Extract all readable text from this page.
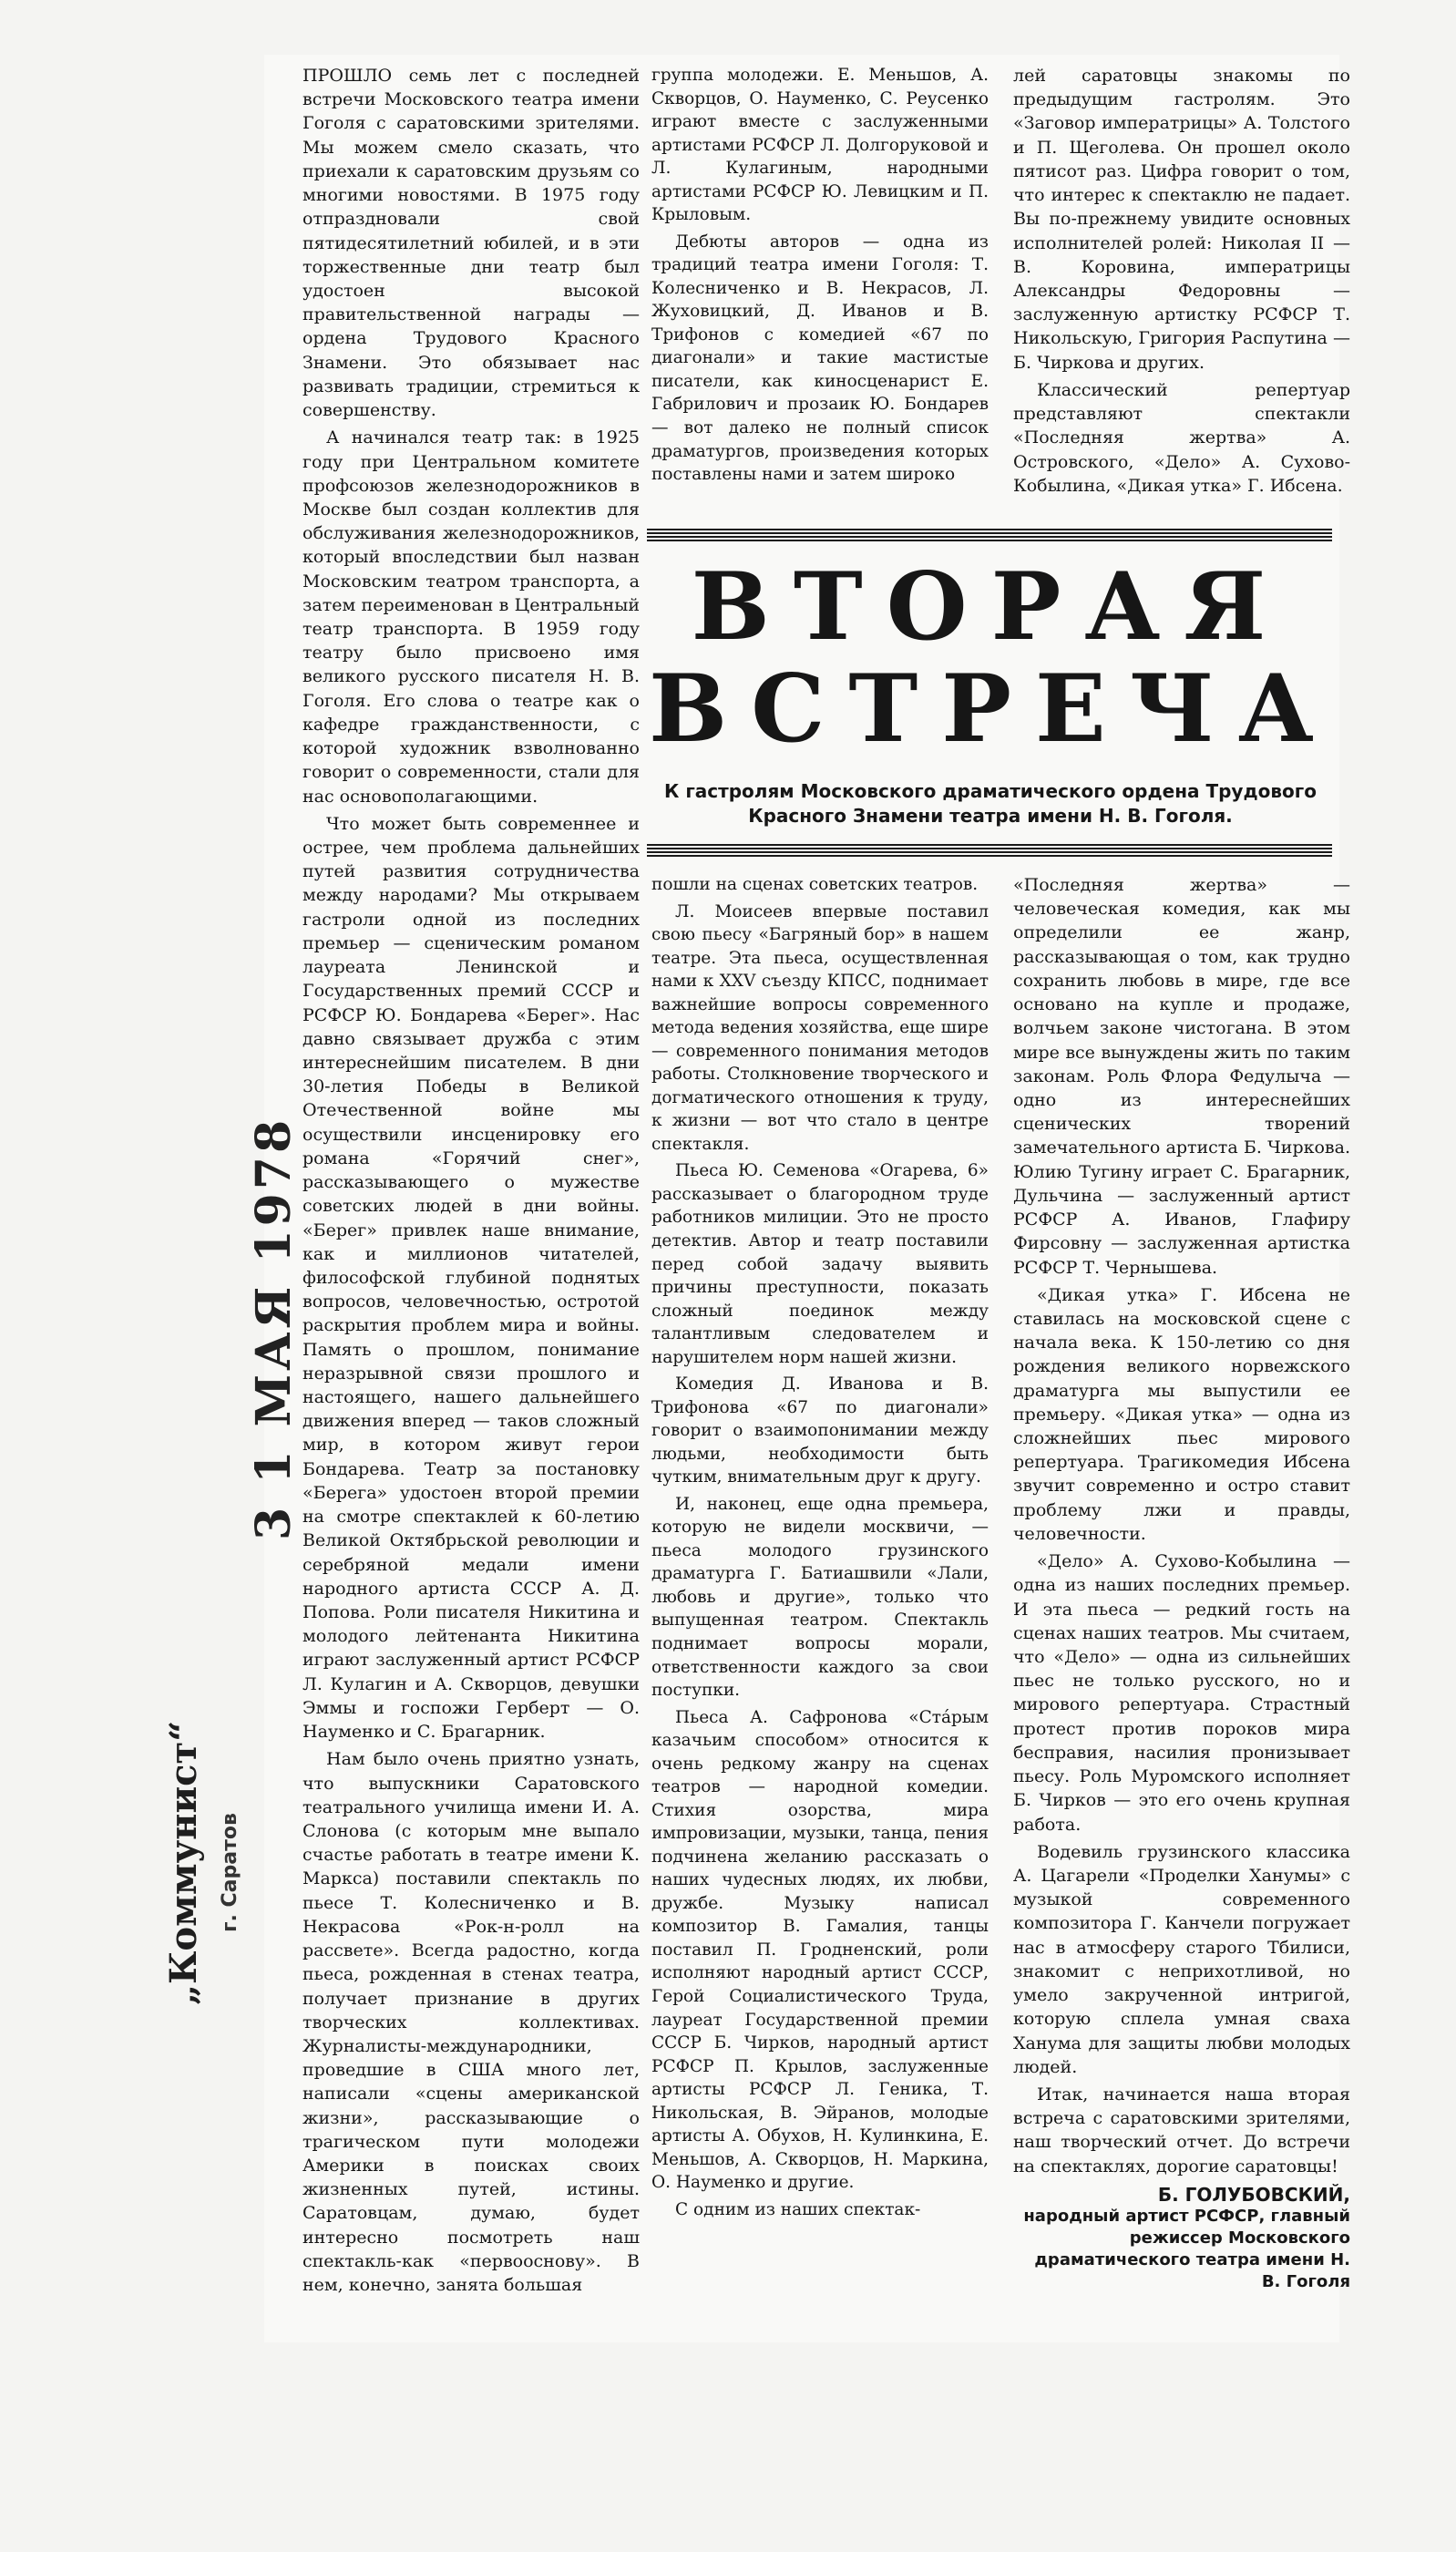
ПРОШЛО семь лет с последней встречи Московского театра имени Гоголя с саратовскими зрителями. Мы можем смело сказать, что приехали к саратовским друзьям со многими новостями. В 1975 году отпраздновали свой пятидесятилетний юбилей, и в эти торжественные дни театр был удостоен высокой правительственной награды — ордена Трудового Красного Знамени. Это обязывает нас развивать традиции, стремиться к совершенству.

А начинался театр так: в 1925 году при Центральном комитете профсоюзов железнодорожников в Москве был создан коллектив для обслуживания железнодорожников, который впоследствии был назван Московским театром транспорта, а затем переименован в Центральный театр транспорта. В 1959 году театру было присвоено имя великого русского писателя Н. В. Гоголя. Его слова о театре как о кафедре гражданственности, с которой художник взволнованно говорит о современности, стали для нас основополагающими.

Что может быть современнее и острее, чем проблема дальнейших путей развития сотрудничества между народами? Мы открываем гастроли одной из последних премьер — сценическим романом лауреата Ленинской и Государственных премий СССР и РСФСР Ю. Бондарева «Берег». Нас давно связывает дружба с этим интереснейшим писателем. В дни 30-летия Победы в Великой Отечественной войне мы осуществили инсценировку его романа «Горячий снег», рассказывающего о мужестве советских людей в дни войны. «Берег» привлек наше внимание, как и миллионов читателей, философской глубиной поднятых вопросов, человечностью, остротой раскрытия проблем мира и войны. Память о прошлом, понимание неразрывной связи прошлого и настоящего, нашего дальнейшего движения вперед — таков сложный мир, в котором живут герои Бондарева. Театр за постановку «Берега» удостоен второй премии на смотре спектаклей к 60-летию Великой Октябрьской революции и серебряной медали имени народного артиста СССР А. Д. Попова. Роли писателя Никитина и молодого лейтенанта Никитина играют заслуженный артист РСФСР Л. Кулагин и А. Скворцов, девушки Эммы и госпожи Герберт — О. Науменко и С. Брагарник.

Нам было очень приятно узнать, что выпускники Саратовского театрального училища имени И. А. Слонова (с которым мне выпало счастье работать в театре имени К. Маркса) поставили спектакль по пьесе Т. Колесниченко и В. Некрасова «Рок-н-ролл на рассвете». Всегда радостно, когда пьеса, рожденная в стенах театра, получает признание в других творческих коллективах. Журналисты-международники, проведшие в США много лет, написали «сцены американской жизни», рассказывающие о трагическом пути молодежи Америки в поисках своих жизненных путей, истины. Саратовцам, думаю, будет интересно посмотреть наш спектакль-как «первооснову». В нем, конечно, занята большая

группа молодежи. Е. Меньшов, А. Скворцов, О. Науменко, С. Реусенко играют вместе с заслуженными артистами РСФСР Л. Долгоруковой и Л. Кулагиным, народными артистами РСФСР Ю. Левицким и П. Крыловым.

Дебюты авторов — одна из традиций театра имени Гоголя: Т. Колесниченко и В. Некрасов, Л. Жуховицкий, Д. Иванов и В. Трифонов с комедией «67 по диагонали» и такие мастистые писатели, как киносценарист Е. Габрилович и прозаик Ю. Бондарев — вот далеко не полный список драматургов, произведения которых поставлены нами и затем широко

лей саратовцы знакомы по предыдущим гастролям. Это «Заговор императрицы» А. Толстого и П. Щеголева. Он прошел около пятисот раз. Цифра говорит о том, что интерес к спектаклю не падает. Вы по-прежнему увидите основных исполнителей ролей: Николая II — В. Коровина, императрицы Александры Федоровны — заслуженную артистку РСФСР Т. Никольскую, Григория Распутина — Б. Чиркова и других.

Классический репертуар представляют спектакли «Последняя жертва» А. Островского, «Дело» А. Сухово-Кобылина, «Дикая утка» Г. Ибсена.

ВТОРАЯ
ВСТРЕЧА
К гастролям Московского драматического ордена Трудового Красного Знамени театра имени Н. В. Гоголя.

пошли на сценах советских театров.

Л. Моисеев впервые поставил свою пьесу «Багряный бор» в нашем театре. Эта пьеса, осуществленная нами к XXV съезду КПСС, поднимает важнейшие вопросы современного метода ведения хозяйства, еще шире — современного понимания методов работы. Столкновение творческого и догматического отношения к труду, к жизни — вот что стало в центре спектакля.

Пьеса Ю. Семенова «Огарева, 6» рассказывает о благородном труде работников милиции. Это не просто детектив. Автор и театр поставили перед собой задачу выявить причины преступности, показать сложный поединок между талантливым следователем и нарушителем норм нашей жизни.

Комедия Д. Иванова и В. Трифонова «67 по диагонали» говорит о взаимопонимании между людьми, необходимости быть чутким, внимательным друг к другу.

И, наконец, еще одна премьера, которую не видели москвичи, — пьеса молодого грузинского драматурга Г. Батиашвили «Лали, любовь и другие», только что выпущенная театром. Спектакль поднимает вопросы морали, ответственности каждого за свои поступки.

Пьеса А. Сафронова «Стáрым казачьим способом» относится к очень редкому жанру на сценах театров — народной комедии. Стихия озорства, мира импровизации, музыки, танца, пения подчинена желанию рассказать о наших чудесных людях, их любви, дружбе. Музыку написал композитор В. Гамалия, танцы поставил П. Гродненский, роли исполняют народный артист СССР, Герой Социалистического Труда, лауреат Государственной премии СССР Б. Чирков, народный артист РСФСР П. Крылов, заслуженные артисты РСФСР Л. Геника, Т. Никольская, В. Эйранов, молодые артисты А. Обухов, Н. Кулинкина, Е. Меньшов, А. Скворцов, Н. Маркина, О. Науменко и другие.

С одним из наших спектак-

«Последняя жертва» — человеческая комедия, как мы определили ее жанр, рассказывающая о том, как трудно сохранить любовь в мире, где все основано на купле и продаже, волчьем законе чистогана. В этом мире все вынуждены жить по таким законам. Роль Флора Федулыча — одно из интереснейших сценических творений замечательного артиста Б. Чиркова. Юлию Тугину играет С. Брагарник, Дульчина — заслуженный артист РСФСР А. Иванов, Глафиру Фирсовну — заслуженная артистка РСФСР Т. Чернышева.

«Дикая утка» Г. Ибсена не ставилась на московской сцене с начала века. К 150-летию со дня рождения великого норвежского драматурга мы выпустили ее премьеру. «Дикая утка» — одна из сложнейших пьес мирового репертуара. Трагикомедия Ибсена звучит современно и остро ставит проблему лжи и правды, человечности.

«Дело» А. Сухово-Кобылина — одна из наших последних премьер. И эта пьеса — редкий гость на сценах наших театров. Мы считаем, что «Дело» — одна из сильнейших пьес не только русского, но и мирового репертуара. Страстный протест против пороков мира бесправия, насилия пронизывает пьесу. Роль Муромского исполняет Б. Чирков — это его очень крупная работа.

Водевиль грузинского классика А. Цагарели «Проделки Ханумы» с музыкой современного композитора Г. Канчели погружает нас в атмосферу старого Тбилиси, знакомит с неприхотливой, но умело закрученной интригой, которую сплела умная сваха Ханума для защиты любви молодых людей.

Итак, начинается наша вторая встреча с саратовскими зрителями, наш творческий отчет. До встречи на спектаклях, дорогие саратовцы!

Б. ГОЛУБОВСКИЙ,
народный артист РСФСР, главный режиссер Московского драматического театра имени Н. В. Гоголя

3 1 МАЯ 1978
„Коммунист“ г. Саратов
